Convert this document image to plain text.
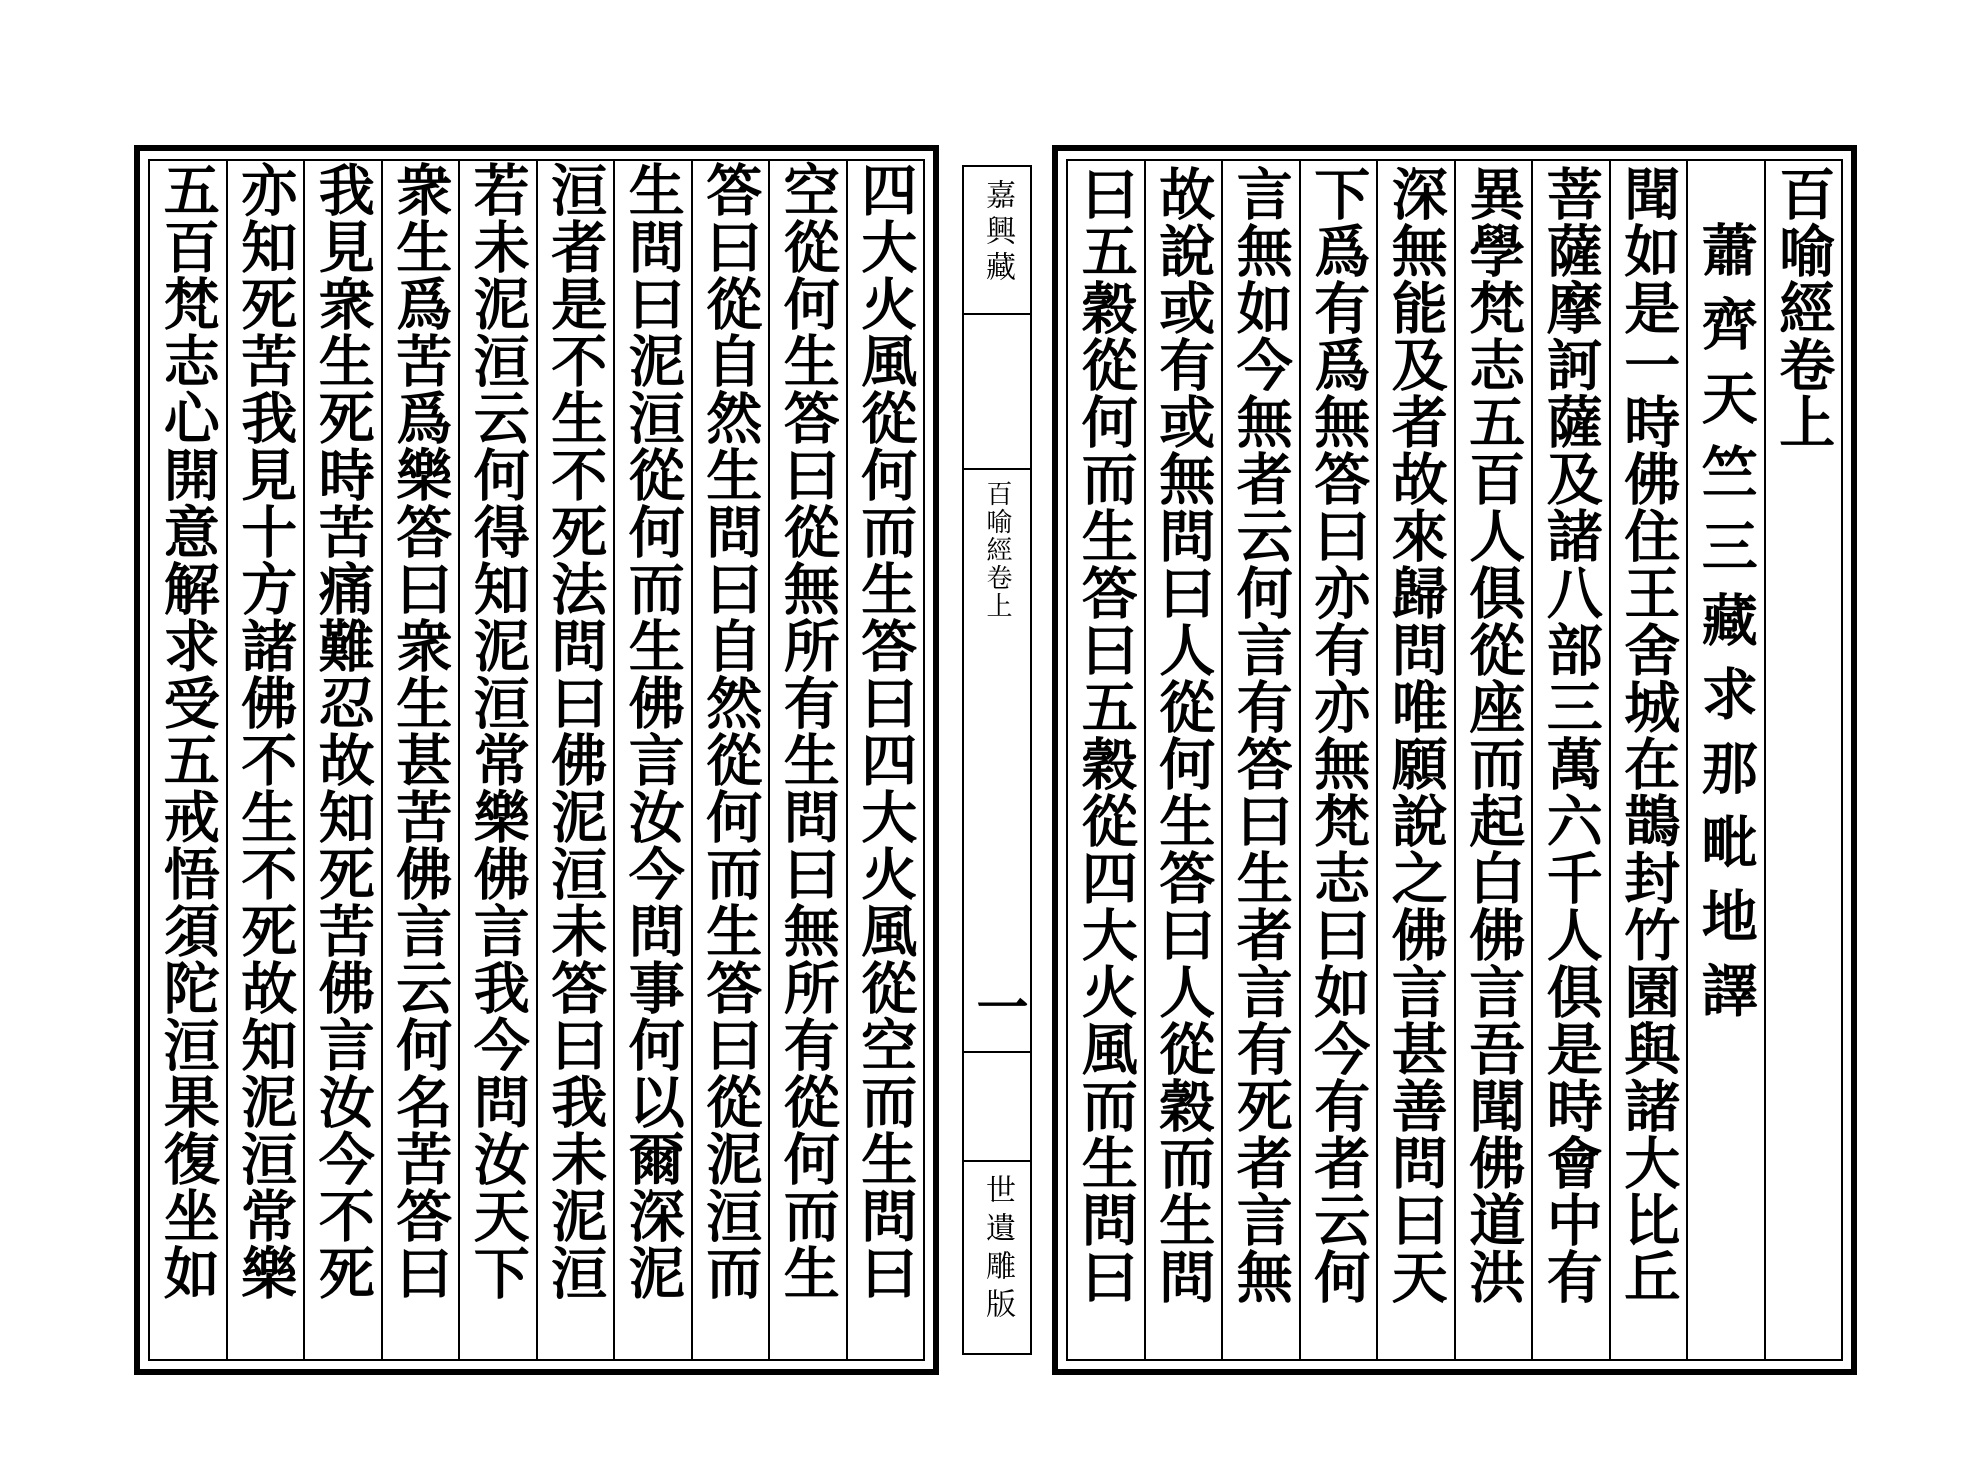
百喻經卷上
蕭齊天竺三藏求那毗地譯
聞如是一時佛住王舍城在鵲封竹園與諸大比丘
菩薩摩訶薩及諸八部三萬六千人俱是時會中有
異學梵志五百人俱從座而起白佛言吾聞佛道洪
深無能及者故來歸問唯願說之佛言甚善問曰天
下爲有爲無答曰亦有亦無梵志曰如今有者云何
言無如今無者云何言有答曰生者言有死者言無
故說或有或無問曰人從何生答曰人從穀而生問
曰五穀從何而生答曰五穀從四大火風而生問曰
嘉興藏
百喻經卷上
一
世遺雕版
四大火風從何而生答曰四大火風從空而生問曰
空從何生答曰從無所有生問曰無所有從何而生
答曰從自然生問曰自然從何而生答曰從泥洹而
生問曰泥洹從何而生佛言汝今問事何以爾深泥
洹者是不生不死法問曰佛泥洹未答曰我未泥洹
若未泥洹云何得知泥洹常樂佛言我今問汝天下
衆生爲苦爲樂答曰衆生甚苦佛言云何名苦答曰
我見衆生死時苦痛難忍故知死苦佛言汝今不死
亦知死苦我見十方諸佛不生不死故知泥洹常樂
五百梵志心開意解求受五戒悟須陀洹果復坐如
